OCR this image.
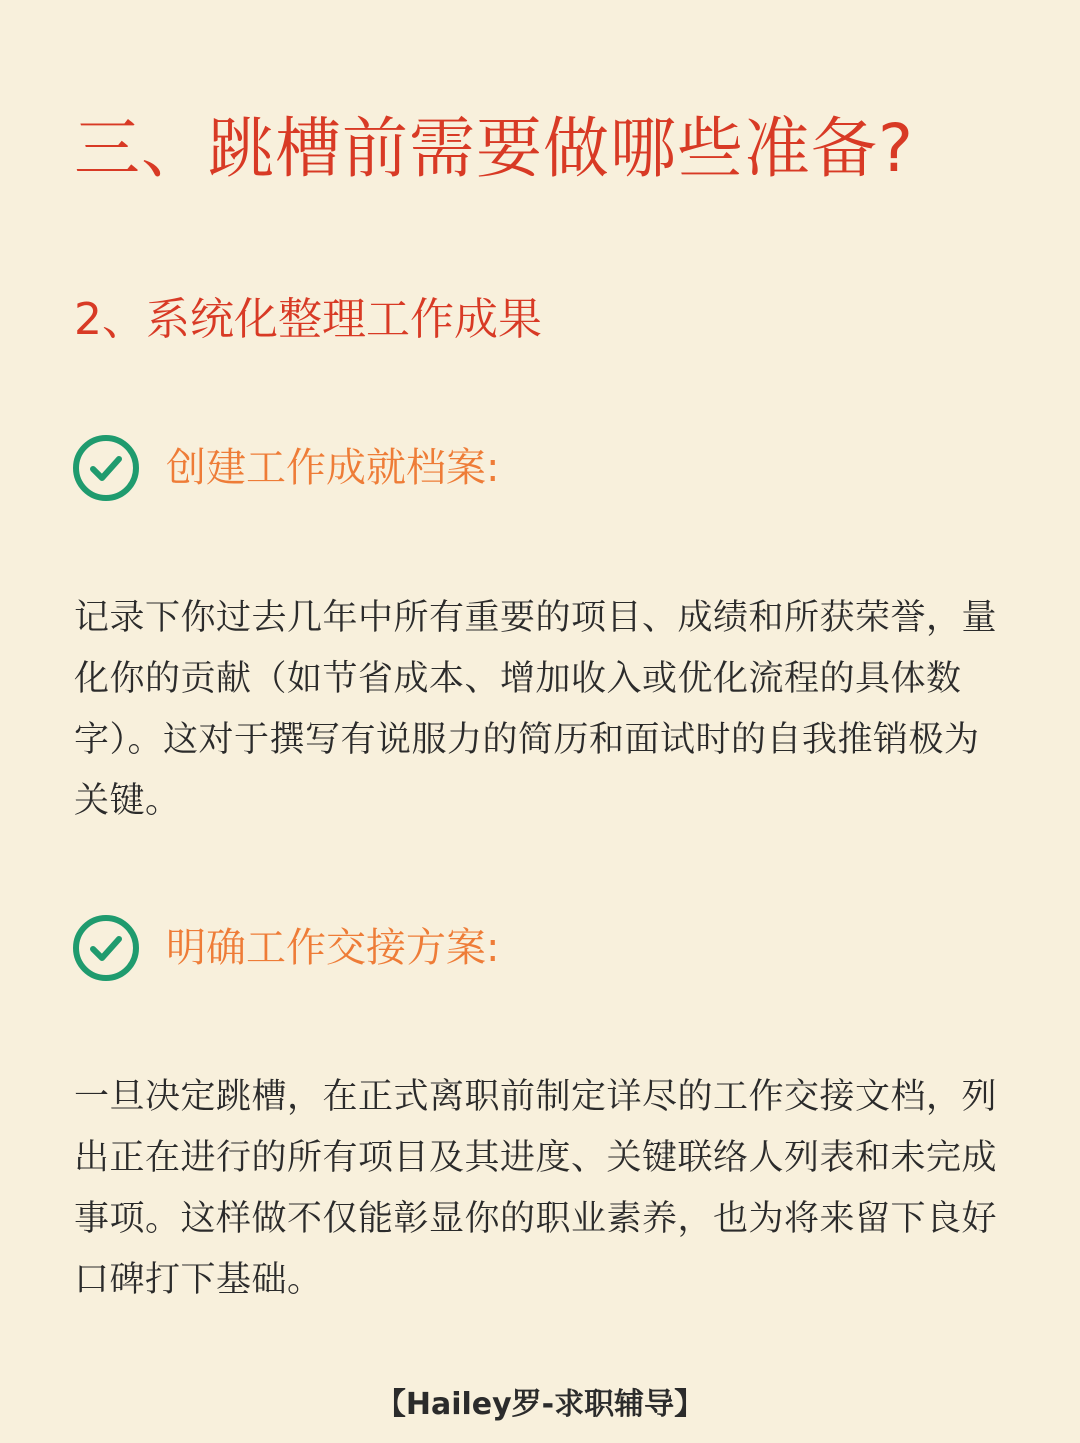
三、跳槽前需要做哪些准备?
2、系统化整理工作成果
创建工作成就档案:

记录下你过去几年中所有重要的项目、成绩和所获荣誉，量化你的贡献（如节省成本、增加收入或优化流程的具体数字）。这对于撰写有说服力的简历和面试时的自我推销极为关键。

明确工作交接方案:

一旦决定跳槽，在正式离职前制定详尽的工作交接文档，列出正在进行的所有项目及其进度、关键联络人列表和未完成事项。这样做不仅能彰显你的职业素养，也为将来留下良好口碑打下基础。

【Hailey罗-求职辅导】
